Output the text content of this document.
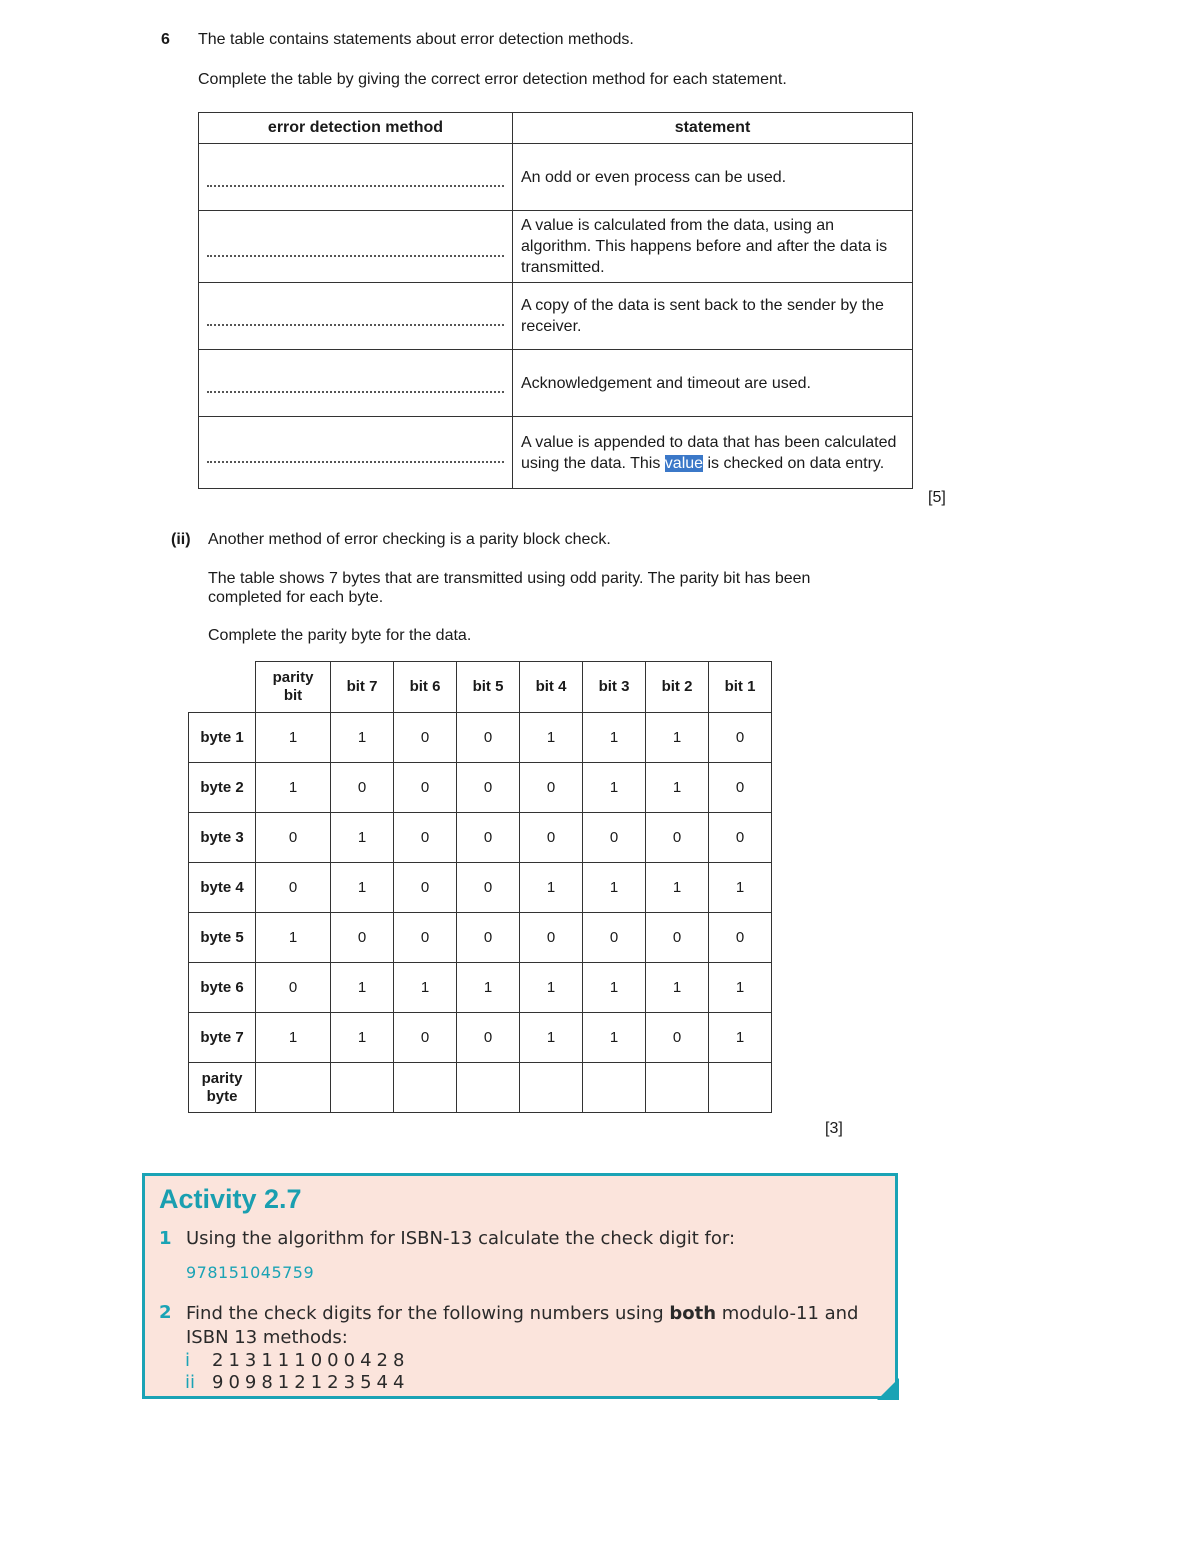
6 The table contains statements about error detection methods.
Complete the table by giving the correct error detection method for each statement.
error detection method	statement

	An odd or even process can be used.

	A value is calculated from the data, using an algorithm. This happens before and after the data is transmitted.

	A copy of the data is sent back to the sender by the receiver.

	Acknowledgement and timeout are used.

	A value is appended to data that has been calculated using the data. This value is checked on data entry.
[5]
(ii) Another method of error checking is a parity block check.
The table shows 7 bytes that are transmitted using odd parity. The parity bit has been completed for each byte.
Complete the parity byte for the data.
	parity bit	bit 7	bit 6	bit 5	bit 4	bit 3	bit 2	bit 1
byte 1	1	1	0	0	1	1	1	0
byte 2	1	0	0	0	0	1	1	0
byte 3	0	1	0	0	0	0	0	0
byte 4	0	1	0	0	1	1	1	1
byte 5	1	0	0	0	0	0	0	0
byte 6	0	1	1	1	1	1	1	1
byte 7	1	1	0	0	1	1	0	1
parity byte								
[3]
Activity 2.7
1 Using the algorithm for ISBN-13 calculate the check digit for:
978151045759
2 Find the check digits for the following numbers using both modulo-11 and ISBN 13 methods:
i 213111000428
ii 909812123544
